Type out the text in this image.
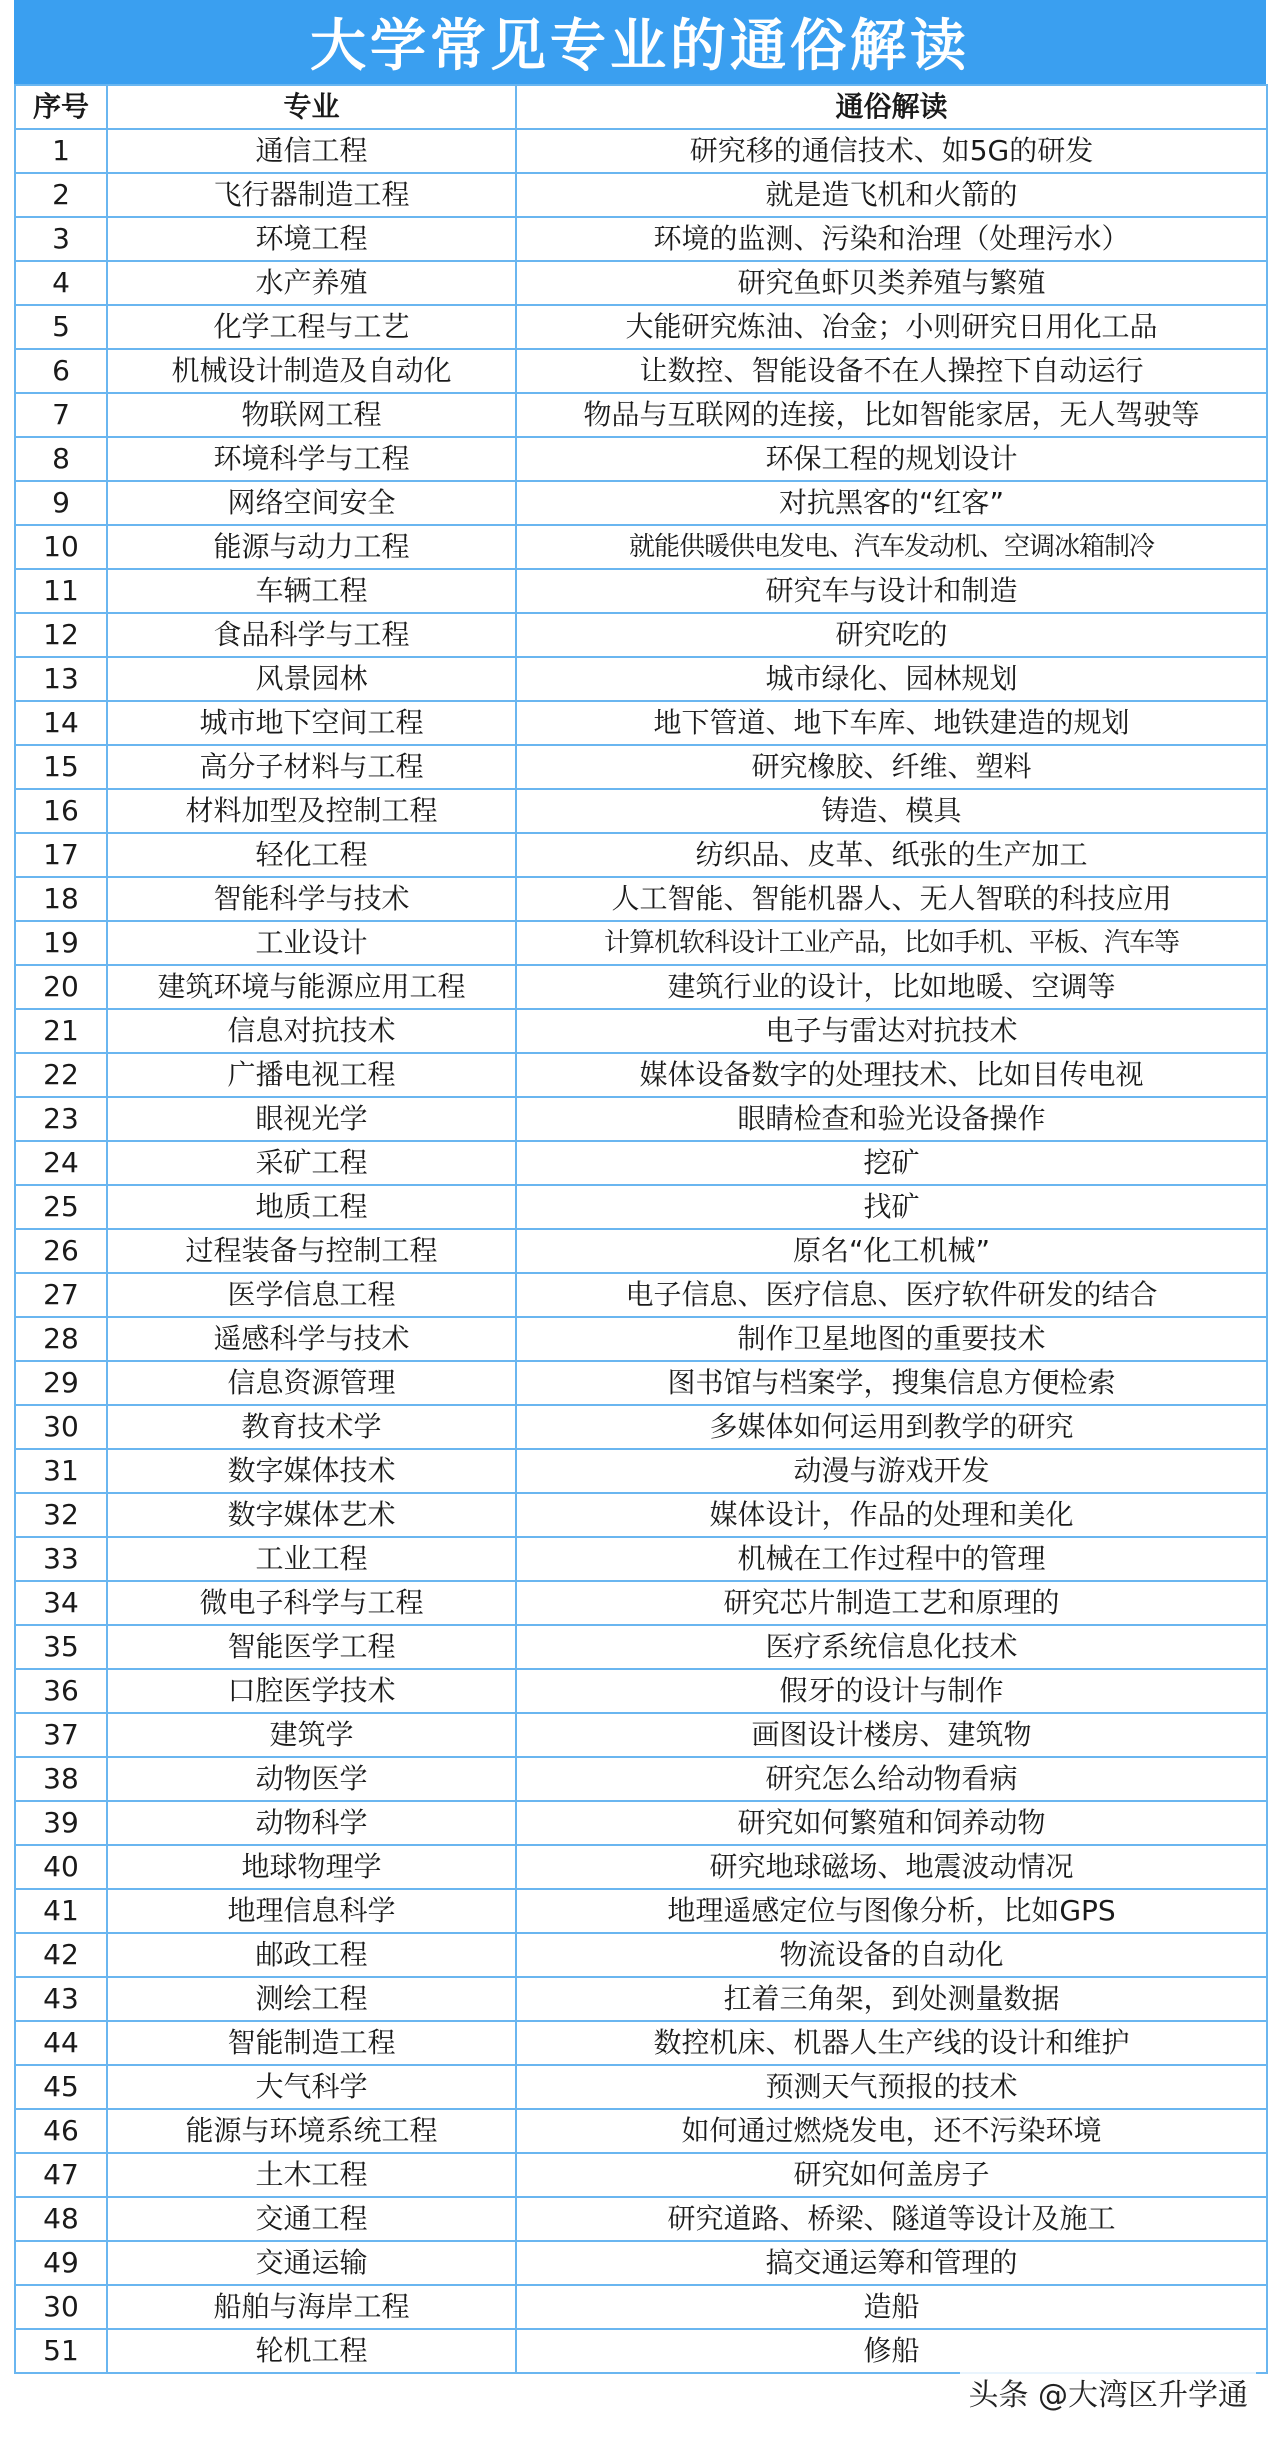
大学常见专业的通俗解读
序号	专业	通俗解读
1	通信工程	研究移的通信技术、如5G的研发
2	飞行器制造工程	就是造飞机和火箭的
3	环境工程	环境的监测、污染和治理（处理污水）
4	水产养殖	研究鱼虾贝类养殖与繁殖
5	化学工程与工艺	大能研究炼油、冶金；小则研究日用化工品
6	机械设计制造及自动化	让数控、智能设备不在人操控下自动运行
7	物联网工程	物品与互联网的连接，比如智能家居，无人驾驶等
8	环境科学与工程	环保工程的规划设计
9	网络空间安全	对抗黑客的“红客”
10	能源与动力工程	就能供暖供电发电、汽车发动机、空调冰箱制冷
11	车辆工程	研究车与设计和制造
12	食品科学与工程	研究吃的
13	风景园林	城市绿化、园林规划
14	城市地下空间工程	地下管道、地下车库、地铁建造的规划
15	高分子材料与工程	研究橡胶、纤维、塑料
16	材料加型及控制工程	铸造、模具
17	轻化工程	纺织品、皮革、纸张的生产加工
18	智能科学与技术	人工智能、智能机器人、无人智联的科技应用
19	工业设计	计算机软科设计工业产品，比如手机、平板、汽车等
20	建筑环境与能源应用工程	建筑行业的设计，比如地暖、空调等
21	信息对抗技术	电子与雷达对抗技术
22	广播电视工程	媒体设备数字的处理技术、比如目传电视
23	眼视光学	眼睛检查和验光设备操作
24	采矿工程	挖矿
25	地质工程	找矿
26	过程装备与控制工程	原名“化工机械”
27	医学信息工程	电子信息、医疗信息、医疗软件研发的结合
28	遥感科学与技术	制作卫星地图的重要技术
29	信息资源管理	图书馆与档案学，搜集信息方便检索
30	教育技术学	多媒体如何运用到教学的研究
31	数字媒体技术	动漫与游戏开发
32	数字媒体艺术	媒体设计，作品的处理和美化
33	工业工程	机械在工作过程中的管理
34	微电子科学与工程	研究芯片制造工艺和原理的
35	智能医学工程	医疗系统信息化技术
36	口腔医学技术	假牙的设计与制作
37	建筑学	画图设计楼房、建筑物
38	动物医学	研究怎么给动物看病
39	动物科学	研究如何繁殖和饲养动物
40	地球物理学	研究地球磁场、地震波动情况
41	地理信息科学	地理遥感定位与图像分析，比如GPS
42	邮政工程	物流设备的自动化
43	测绘工程	扛着三角架，到处测量数据
44	智能制造工程	数控机床、机器人生产线的设计和维护
45	大气科学	预测天气预报的技术
46	能源与环境系统工程	如何通过燃烧发电，还不污染环境
47	土木工程	研究如何盖房子
48	交通工程	研究道路、桥梁、隧道等设计及施工
49	交通运输	搞交通运筹和管理的
30	船舶与海岸工程	造船
51	轮机工程	修船
头条 @大湾区升学通
